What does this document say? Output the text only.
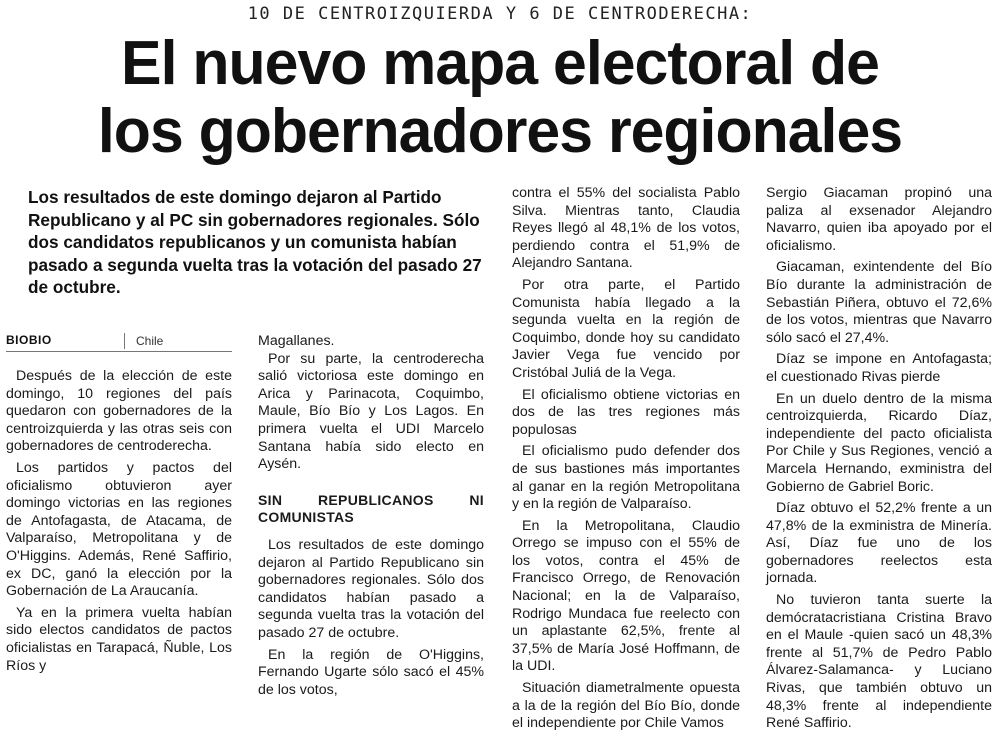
10 DE CENTROIZQUIERDA Y 6 DE CENTRODERECHA:
El nuevo mapa electoral de
los gobernadores regionales
Los resultados de este domingo dejaron al Partido Republicano y al PC sin gobernadores regionales. Sólo dos candidatos republicanos y un comunista habían pasado a segunda vuelta tras la votación del pasado 27 de octubre.
BIOBIO	Chile

Después de la elección de este domingo, 10 regiones del país quedaron con gobernadores de la centroizquierda y las otras seis con gobernadores de centroderecha.

Los partidos y pactos del oficialismo obtuvieron ayer domingo victorias en las regiones de Antofagasta, de Atacama, de Valparaíso, Metropolitana y de O'Higgins. Además, René Saffirio, ex DC, ganó la elección por la Gobernación de La Araucanía.

Ya en la primera vuelta habían sido electos candidatos de pactos oficialistas en Tarapacá, Ñuble, Los Ríos y

Magallanes.

Por su parte, la centroderecha salió victoriosa este domingo en Arica y Parinacota, Coquimbo, Maule, Bío Bío y Los Lagos. En primera vuelta el UDI Marcelo Santana había sido electo en Aysén.

SIN REPUBLICANOS NI COMUNISTAS

Los resultados de este domingo dejaron al Partido Republicano sin gobernadores regionales. Sólo dos candidatos habían pasado a segunda vuelta tras la votación del pasado 27 de octubre.

En la región de O'Higgins, Fernando Ugarte sólo sacó el 45% de los votos,

contra el 55% del socialista Pablo Silva. Mientras tanto, Claudia Reyes llegó al 48,1% de los votos, perdiendo contra el 51,9% de Alejandro Santana.

Por otra parte, el Partido Comunista había llegado a la segunda vuelta en la región de Coquimbo, donde hoy su candidato Javier Vega fue vencido por Cristóbal Juliá de la Vega.

El oficialismo obtiene victorias en dos de las tres regiones más populosas

El oficialismo pudo defender dos de sus bastiones más importantes al ganar en la región Metropolitana y en la región de Valparaíso.

En la Metropolitana, Claudio Orrego se impuso con el 55% de los votos, contra el 45% de Francisco Orrego, de Renovación Nacional; en la de Valparaíso, Rodrigo Mundaca fue reelecto con un aplastante 62,5%, frente al 37,5% de María José Hoffmann, de la UDI.

Situación diametralmente opuesta a la de la región del Bío Bío, donde el independiente por Chile Vamos

Sergio Giacaman propinó una paliza al exsenador Alejandro Navarro, quien iba apoyado por el oficialismo.

Giacaman, exintendente del Bío Bío durante la administración de Sebastián Piñera, obtuvo el 72,6% de los votos, mientras que Navarro sólo sacó el 27,4%.

Díaz se impone en Antofagasta; el cuestionado Rivas pierde

En un duelo dentro de la misma centroizquierda, Ricardo Díaz, independiente del pacto oficialista Por Chile y Sus Regiones, venció a Marcela Hernando, exministra del Gobierno de Gabriel Boric.

Díaz obtuvo el 52,2% frente a un 47,8% de la exministra de Minería. Así, Díaz fue uno de los gobernadores reelectos esta jornada.

No tuvieron tanta suerte la demócratacristiana Cristina Bravo en el Maule -quien sacó un 48,3% frente al 51,7% de Pedro Pablo Álvarez-Salamanca- y Luciano Rivas, que también obtuvo un 48,3% frente al independiente René Saffirio.
